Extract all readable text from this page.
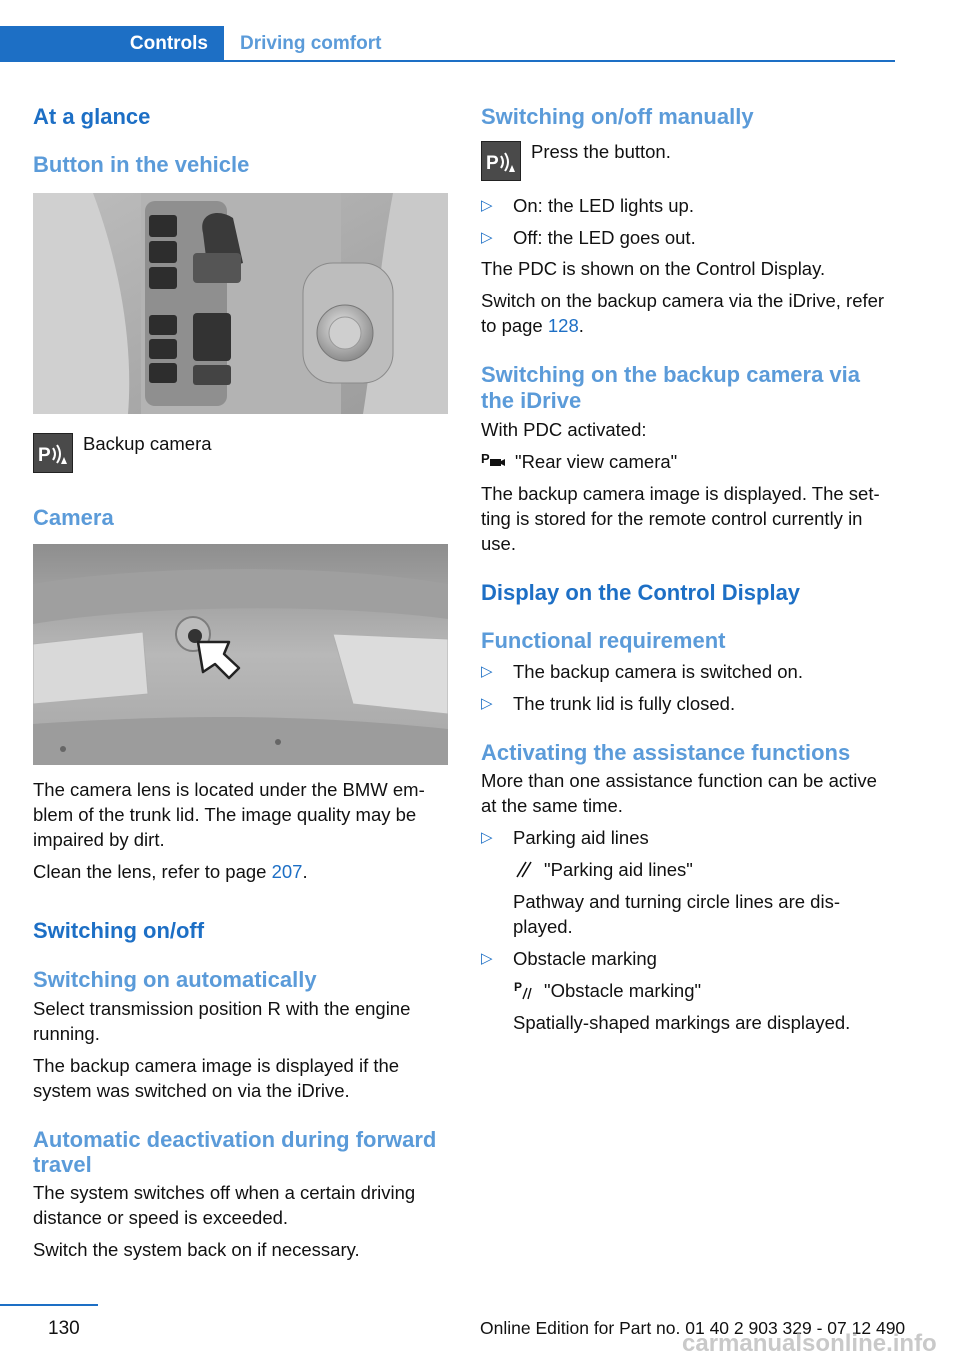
Controls Driving comfort
At a glance
Button in the vehicle
P

Backup camera

Camera

The camera lens is located under the BMW em-blem of the trunk lid. The image quality may be impaired by dirt.

Clean the lens, refer to page 207.

Switching on/off
Switching on automatically

Select transmission position R with the engine running.

The backup camera image is displayed if the system was switched on via the iDrive.

Automatic deactivation during forward travel

The system switches off when a certain driving distance or speed is exceeded.

Switch the system back on if necessary.

Switching on/off manually
P

Press the button.

▷ On: the LED lights up.
▷ Off: the LED goes out.

The PDC is shown on the Control Display.

Switch on the backup camera via the iDrive, refer to page 128.

Switching on the backup camera via the iDrive

With PDC activated:

P "Rear view camera"

The backup camera image is displayed. The set-ting is stored for the remote control currently in use.

Display on the Control Display
Functional requirement
▷ The backup camera is switched on.
▷ The trunk lid is fully closed.
Activating the assistance functions

More than one assistance function can be active at the same time.

▷ Parking aid lines
"Parking aid lines"
Pathway and turning circle lines are dis-played.
▷ Obstacle marking
P "Obstacle marking"
Spatially-shaped markings are displayed.
130	Online Edition for Part no. 01 40 2 903 329 - 07 12 490
carmanualsonline.info
